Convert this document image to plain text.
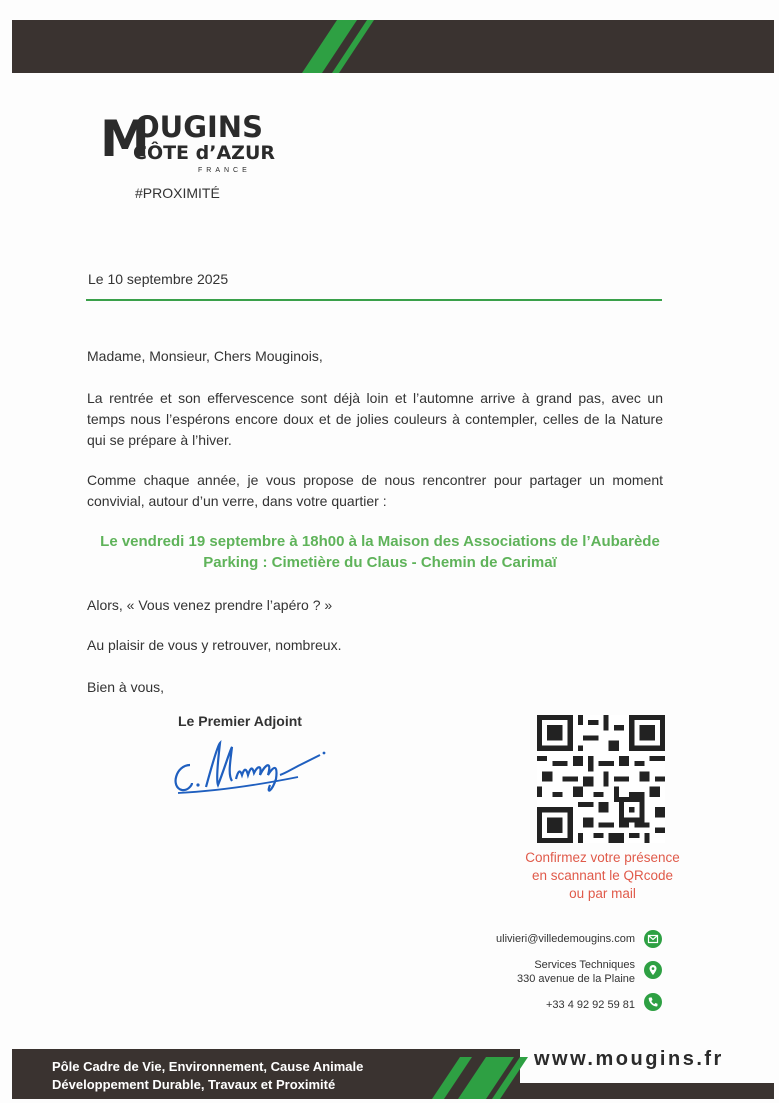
M
OUGINS
CÔTE d’AZUR
FRANCE
#PROXIMITÉ
Le 10 septembre 2025
Madame, Monsieur, Chers Mouginois,
La rentrée et son effervescence sont déjà loin et l’automne arrive à grand pas, avec un temps nous l’espérons encore doux et de jolies couleurs à contempler, celles de la Nature qui se prépare à l’hiver.
Comme chaque année, je vous propose de nous rencontrer pour partager un moment convivial, autour d’un verre, dans votre quartier :
Le vendredi 19 septembre à 18h00 à la Maison des Associations de l’Aubarède
Parking : Cimetière du Claus - Chemin de Carimaï
Alors, « Vous venez prendre l’apéro ? »
Au plaisir de vous y retrouver, nombreux.
Bien à vous,
Le Premier Adjoint
Confirmez votre présence
en scannant le QRcode
ou par mail
ulivieri@villedemougins.com
Services Techniques
330 avenue de la Plaine
+33 4 92 92 59 81
Pôle Cadre de Vie, Environnement, Cause Animale
Développement Durable, Travaux et Proximité
www.mougins.fr
